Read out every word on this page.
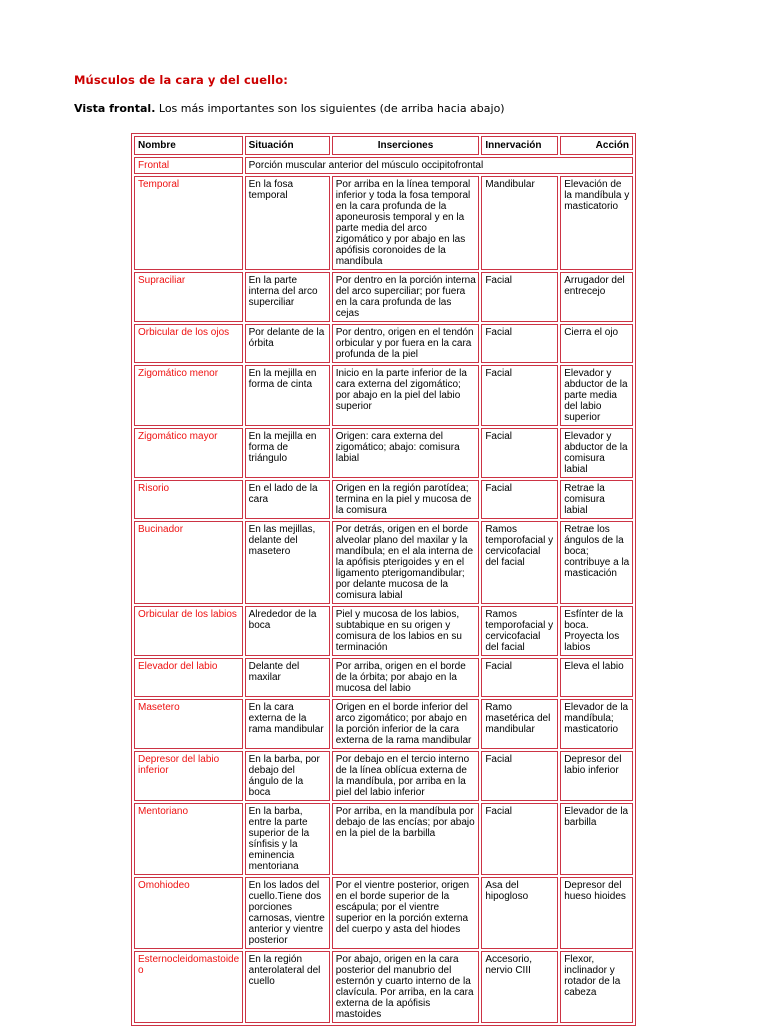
Músculos de la cara y del cuello:
Vista frontal. Los más importantes son los siguientes (de arriba hacia abajo)
Nombre	Situación	Inserciones	Innervación	Acción
Frontal	Porción muscular anterior del músculo occipitofrontal			
Temporal	En la fosa temporal	Por arriba en la línea temporal inferior y toda la fosa temporal en la cara profunda de la aponeurosis temporal y en la parte media del arco zigomático y por abajo en las apófisis coronoides de la mandíbula	Mandibular	Elevación de la mandíbula y masticatorio
Supraciliar	En la parte interna del arco superciliar	Por dentro en la porción interna del arco superciliar; por fuera en la cara profunda de las cejas	Facial	Arrugador del entrecejo
Orbicular de los ojos	Por delante de la órbita	Por dentro, origen en el tendón orbicular y por fuera en la cara profunda de la piel	Facial	Cierra el ojo
Zigomático menor	En la mejilla en forma de cinta	Inicio en la parte inferior de la cara externa del zigomático; por abajo en la piel del labio superior	Facial	Elevador y abductor de la parte media del labio superior
Zigomático mayor	En la mejilla en forma de triángulo	Origen: cara externa del zigomático; abajo: comisura labial	Facial	Elevador y abductor de la comisura labial
Risorio	En el lado de la cara	Origen en la región parotídea; termina en la piel y mucosa de la comisura	Facial	Retrae la comisura labial
Bucinador	En las mejillas, delante del masetero	Por detrás, origen en el borde alveolar plano del maxilar y la mandíbula; en el ala interna de la apófisis pterigoides y en el ligamento pterigomandibular; por delante mucosa de la comisura labial	Ramos temporofacial y cervicofacial del facial	Retrae los ángulos de la boca; contribuye a la masticación
Orbicular de los labios	Alrededor de la boca	Piel y mucosa de los labios, subtabique en su origen y comisura de los labios en su terminación	Ramos temporofacial y cervicofacial del facial	Esfínter de la boca. Proyecta los labios
Elevador del labio	Delante del maxilar	Por arriba, origen en el borde de la órbita; por abajo en la mucosa del labio	Facial	Eleva el labio
Masetero	En la cara externa de la rama mandibular	Origen en el borde inferior del arco zigomático; por abajo en la porción inferior de la cara externa de la rama mandibular	Ramo masetérica del mandibular	Elevador de la mandíbula; masticatorio
Depresor del labio inferior	En la barba, por debajo del ángulo de la boca	Por debajo en el tercio interno de la línea oblícua externa de la mandíbula, por arriba en la piel del labio inferior	Facial	Depresor del labio inferior
Mentoriano	En la barba, entre la parte superior de la sínfisis y la eminencia mentoriana	Por arriba, en la mandíbula por debajo de las encías; por abajo en la piel de la barbilla	Facial	Elevador de la barbilla
Omohiodeo	En los lados del cuello.Tiene dos porciones carnosas, vientre anterior y vientre posterior	Por el vientre posterior, origen en el borde superior de la escápula; por el vientre superior en la porción externa del cuerpo y asta del hiodes	Asa del hipogloso	Depresor del hueso hioides
Esternocleidomastoideo	En la región anterolateral del cuello	Por abajo, origen en la cara posterior del manubrio del esternón y cuarto interno de la clavícula. Por arriba, en la cara externa de la apófisis mastoides	Accesorio, nervio CIII	Flexor, inclinador y rotador de la cabeza
